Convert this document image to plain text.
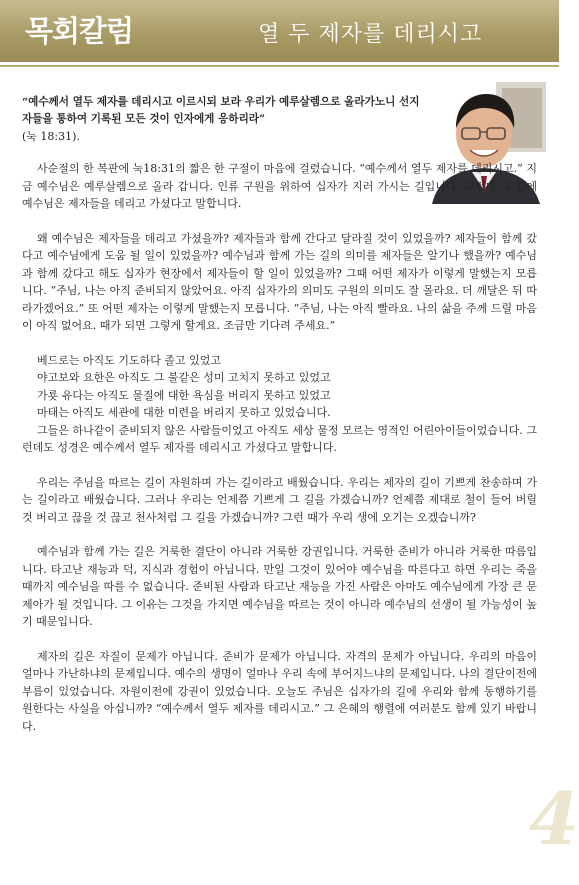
목회칼럼	열 두 제자를 데리시고
“예수께서 열두 제자를 데리시고 이르시되 보라 우리가 예루살렘으로 올라가노니 선지자들을 통하여 기록된 모든 것이 인자에게 응하리라”
(눅 18:31).

사순절의 한 복판에 눅18:31의 짧은 한 구절이 마음에 걸렸습니다. “예수께서 열두 제자를 데리시고.” 지금 예수님은 예루살렘으로 올라 갑니다. 인류 구원을 위하여 십자가 지러 가시는 길입니다. 그런데 그 길에 예수님은 제자들을 데리고 가셨다고 말합니다.

왜 예수님은 제자들을 데리고 가셨을까? 제자들과 함께 간다고 달라질 것이 있었을까? 제자들이 함께 갔다고 예수님에게 도움 될 일이 있었을까? 예수님과 함께 가는 길의 의미를 제자들은 알기나 했을까? 예수님과 함께 갔다고 해도 십자가 현장에서 제자들이 할 일이 있었을까? 그때 어떤 제자가 이렇게 말했는지 모릅니다. “주님, 나는 아직 준비되지 않았어요. 아직 십자가의 의미도 구원의 의미도 잘 몰라요. 더 깨달은 뒤 따라가겠어요.” 또 어떤 제자는 이렇게 말했는지 모릅니다. “주님, 나는 아직 빨라요. 나의 삶을 주께 드릴 마음이 아직 없어요. 때가 되면 그렇게 할게요. 조금만 기다려 주세요.”

베드로는 아직도 기도하다 졸고 있었고

야고보와 요한은 아직도 그 불같은 성미 고치지 못하고 있었고

가룟 유다는 아직도 물질에 대한 욕심을 버리지 못하고 있었고

마태는 아직도 세관에 대한 미련을 버리지 못하고 있었습니다.

그들은 하나같이 준비되지 않은 사람들이었고 아직도 세상 물정 모르는 영적인 어린아이들이었습니다. 그런데도 성경은 예수께서 열두 제자를 데리시고 가셨다고 말합니다.

우리는 주님을 따르는 길이 자원하며 가는 길이라고 배웠습니다. 우리는 제자의 길이 기쁘게 찬송하며 가는 길이라고 배웠습니다. 그러나 우리는 언제쯤 기쁘게 그 길을 가겠습니까? 언제쯤 제대로 철이 들어 버릴 것 버리고 끊을 것 끊고 천사처럼 그 길을 가겠습니까? 그런 때가 우리 생에 오기는 오겠습니까?

예수님과 함께 가는 길은 거룩한 결단이 아니라 거룩한 강권입니다. 거룩한 준비가 아니라 거룩한 따름입니다. 타고난 재능과 덕, 지식과 경험이 아닙니다. 만일 그것이 있어야 예수님을 따른다고 하면 우리는 죽을 때까지 예수님을 따를 수 없습니다. 준비된 사람과 타고난 재능을 가진 사람은 아마도 예수님에게 가장 큰 문제아가 될 것입니다. 그 이유는 그것을 가지면 예수님을 따르는 것이 아니라 예수님의 선생이 될 가능성이 높기 때문입니다.

제자의 길은 자질이 문제가 아닙니다. 준비가 문제가 아닙니다. 자격의 문제가 아닙니다. 우리의 마음이 얼마나 가난하냐의 문제입니다. 예수의 생명이 얼마나 우리 속에 부어지느냐의 문제입니다. 나의 결단이전에 부름이 있었습니다. 자원이전에 강권이 있었습니다. 오늘도 주님은 십자가의 길에 우리와 함께 동행하기를 원한다는 사실을 아십니까? “예수께서 열두 제자를 데리시고.” 그 은혜의 행렬에 여러분도 함께 있기 바랍니다.

4
